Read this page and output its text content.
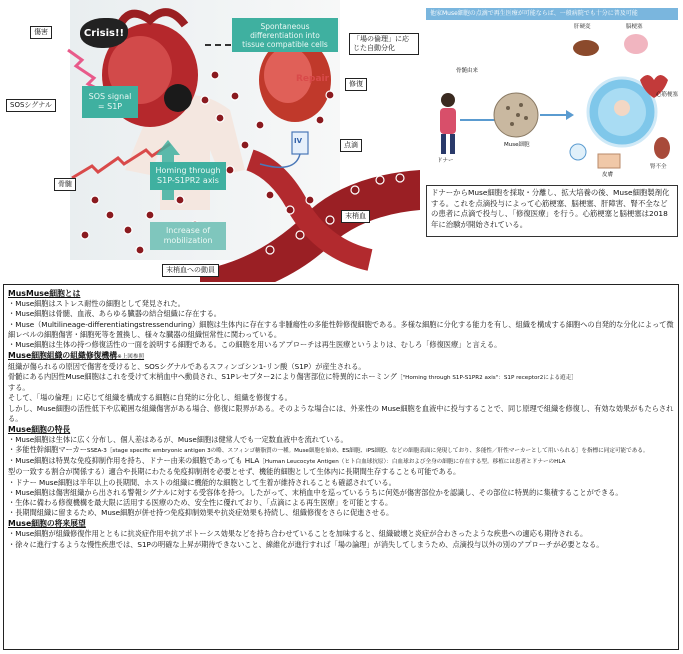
傷害
SOSシグナル
骨髄
「場の倫理」に応じた自動分化
修復
点滴
末梢血
末梢血への動員
Crisis!!
SOS signal
= S1P
Spontaneous
differentiation into
tissue compatible cells
Homing through
S1P-S1PR2 axis
Increase of
mobilization
Repair
IV
他家Muse細胞の点滴で再生医療が可能ならば、一般病院でも十分に普及可能
骨髄由来
ドナー
Muse細胞
肝硬変	脳梗塞
心筋梗塞
腎不全
皮膚
ドナーからMuse細胞を採取・分離し、拡大培養の後、Muse細胞製剤化する。これを点滴投与によって心筋梗塞、脳梗塞、肝障害、腎不全などの患者に点滴で投与し、「修復医療」を行う。心筋梗塞と脳梗塞は2018年に治験が開始されている。
MusMuse細胞とは

・Muse細胞はストレス耐性の細胞として発見された。

・Muse細胞は骨髄、血液、あらゆる臓器の結合組織に存在する。

・Muse（Multilineage-differentiatingstressenduring）細胞は生体内に存在する非腫瘍性の多能性幹修復細胞である。多様な細胞に分化する能力を有し、組織を構成する細胞への自発的な分化によって微細レベルの細胞傷害・細胞死等を置換し、様々な臓器の組織恒常性に関わっている。

・Muse細胞は生体の持つ修復活性の一面を説明する細胞である。この細胞を用いるアプローチは再生医療というよりは、むしろ「修復医療」と言える。

Muse細胞組織の組織修復機構※上図参照

組織が傷られるの原因で傷害を受けると、SOSシグナルであるスフィンゴシン1-リン酸（S1P）が産生される。

骨髄にある内因性Muse細胞はこれを受けて末梢血中へ動員され、S1Pレセプター2により傷害部位に特異的にホーミング［"Homing through S1P-S1PR2 axis"：S1P receptor2による遊走］

する。

そして、「場の倫理」に応じて組織を構成する細胞に自発的に分化し、組織を修復する。

しかし、Muse細胞の活性低下や広範囲な組織傷害がある場合、修復に限界がある。そのような場合には、外来性の Muse細胞を血液中に投与することで、同じ原理で組織を修復し、有効な効果がもたらされる。

Muse細胞の特長

・Muse細胞は生体に広く分布し、個人差はあるが、Muse細胞は健常人でも一定数血液中を流れている。

・多能性幹細胞マーカーSSEA-3［stage specific embryonic antigen 3の略、スフィンゴ糖脂質の一種。Muse細胞を始め、ES細胞、iPS細胞、などの細胞表面に発現しており、多能性／肝性マーカーとして用いられる］を指標に同定可能である。

・Muse細胞は特異な免疫抑制作用を持ち、ドナー由来の細胞であっても HLA［Human Leucocyte Antigen（ヒト白血球抗原）：白血球および全身の細胞に存在する型。移植には患者とドナーのHLA

型の一致する割合が関係する）適合や長期にわたる免疫抑制剤を必要とせず、機能的細胞として生体内に長期間生存することも可能である。

・ドナー Muse細胞は半年以上の長期間、ホストの組織に機能的な細胞として生着が維持されることも確認されている。

・Muse細胞は傷害組織から出される警報シグナルに対する受容体を持つ。したがって、末梢血中を巡っているうちに何処が傷害部位かを認識し、その部位に特異的に集積することができる。

・生体に備わる修復機構を最大限に活用する医療のため、安全性に優れており、「点滴による再生医療」を可能とする。

・長期間組織に留まるため、Muse細胞が併せ持つ免疫抑制効果や抗炎症効果も持続し、組織修復をさらに促進させる。

Muse細胞の将来展望

・Muse細胞が組織修復作用とともに抗炎症作用や抗アポトーシス効果などを持ち合わせていることを加味すると、組織破壊と炎症が合わさったような疾患への適応も期待される。

・徐々に進行するような慢性疾患では、S1Pの明確な上昇が期待できないこと、線維化が進行すれば「場の論理」が消失してしまうため、点滴投与以外の別のアプローチが必要となる。
